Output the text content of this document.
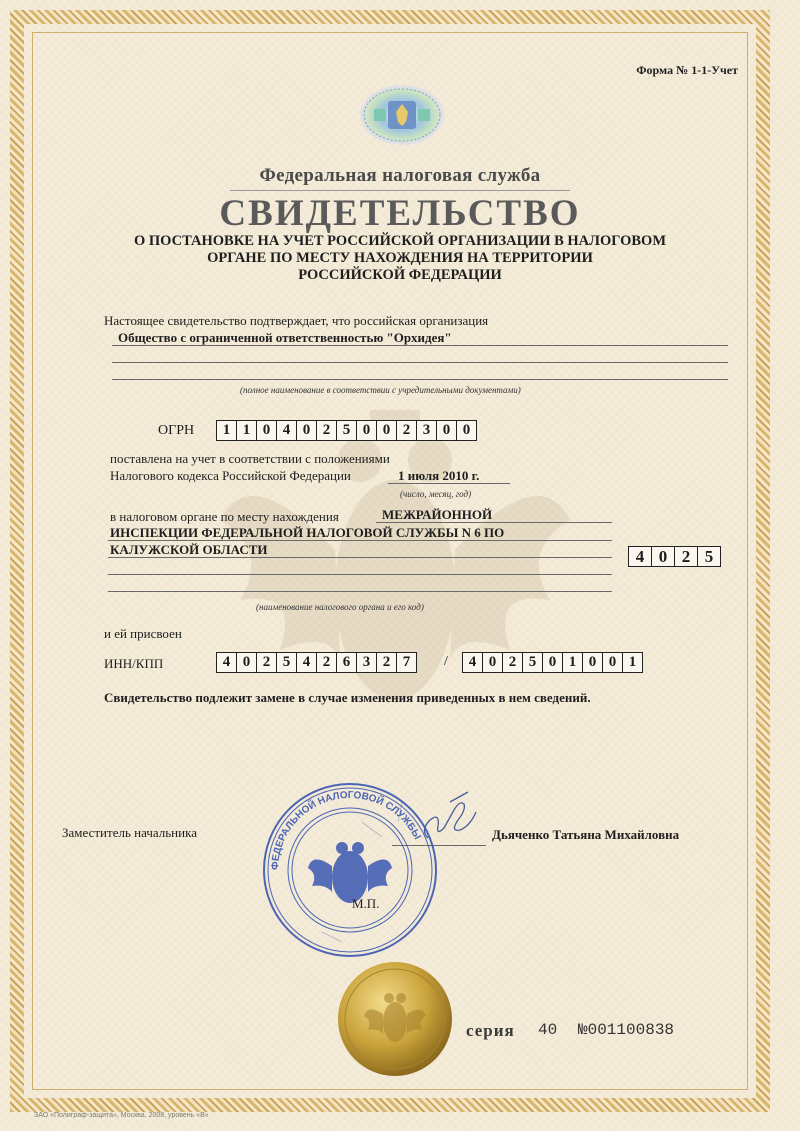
Форма № 1-1-Учет
Федеральная налоговая служба
СВИДЕТЕЛЬСТВО
О ПОСТАНОВКЕ НА УЧЕТ РОССИЙСКОЙ ОРГАНИЗАЦИИ В НАЛОГОВОМ
ОРГАНЕ ПО МЕСТУ НАХОЖДЕНИЯ НА ТЕРРИТОРИИ
РОССИЙСКОЙ ФЕДЕРАЦИИ
Настоящее свидетельство подтверждает, что российская организация
Общество с ограниченной ответственностью "Орхидея"
(полное наименование в соответствии с учредительными документами)
ОГРН	1 1 0 4 0 2 5 0 0 2 3 0 0
поставлена на учет в соответствии с положениями
Налогового кодекса Российской Федерации	1 июля 2010 г.
(число, месяц, год)
в налоговом органе по месту нахождения	МЕЖРАЙОННОЙ
ИНСПЕКЦИИ ФЕДЕРАЛЬНОЙ НАЛОГОВОЙ СЛУЖБЫ N 6 ПО
КАЛУЖСКОЙ ОБЛАСТИ	4 0 2 5
(наименование налогового органа и его код)
и ей присвоен
ИНН/КПП	4 0 2 5 4 2 6 3 2 7	/	4 0 2 5 0 1 0 0 1
Свидетельство подлежит замене в случае изменения приведенных в нем сведений.
Заместитель начальника	Дьяченко Татьяна Михайловна
ФЕДЕРАЛЬНОЙ НАЛОГОВОЙ СЛУЖБЫ
М.П.
серия 40 №001100838
ЗАО «Полиграф-защита», Москва, 2008, уровень «В»
